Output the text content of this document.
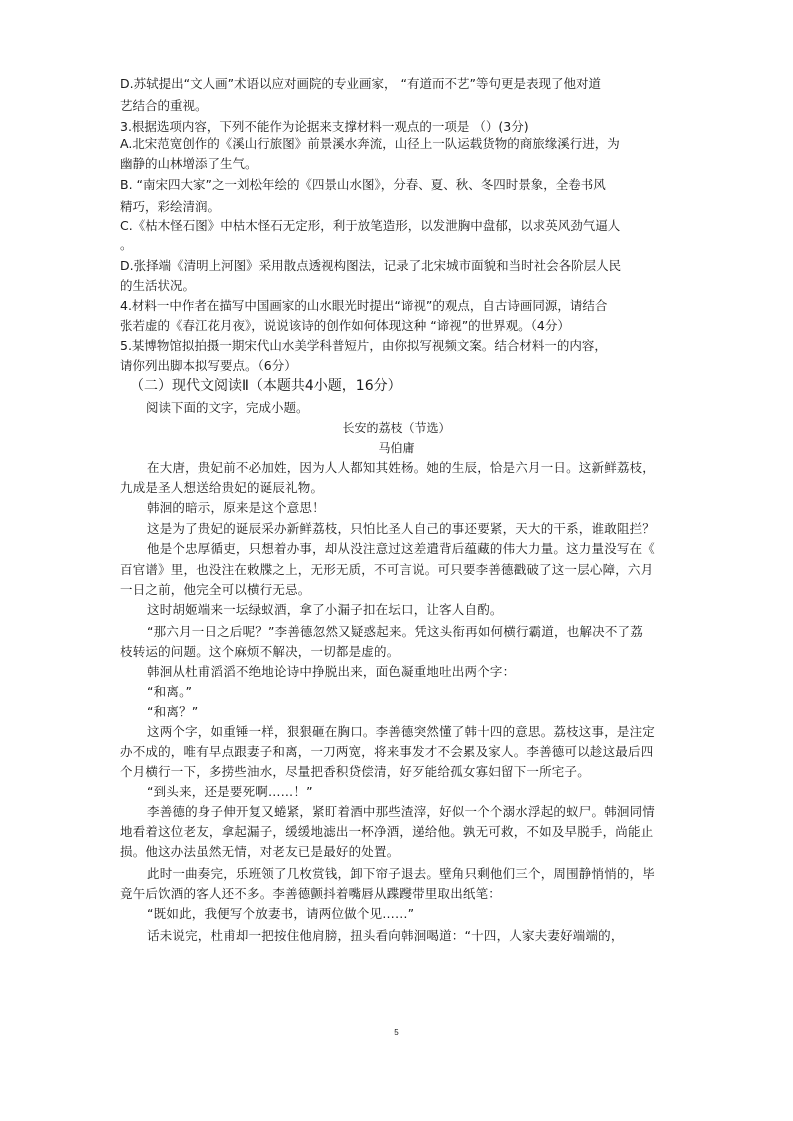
D.苏轼提出“文人画”术语以应对画院的专业画家， “有道而不艺”等句更是表现了他对道
艺结合的重视。
3.根据选项内容，下列不能作为论据来支撑材料一观点的一项是 （）(3分)
A.北宋范宽创作的《溪山行旅图》前景溪水奔流，山径上一队运载货物的商旅缘溪行进，为
幽静的山林增添了生气。
B. “南宋四大家”之一刘松年绘的《四景山水图》，分春、夏、秋、冬四时景象，全卷书风
精巧，彩绘清润。
C.《枯木怪石图》中枯木怪石无定形，利于放笔造形，以发泄胸中盘郁，以求英风劲气逼人
。
D.张择端《清明上河图》采用散点透视构图法，记录了北宋城市面貌和当时社会各阶层人民
的生活状况。
4.材料一中作者在描写中国画家的山水眼光时提出“谛视”的观点，自古诗画同源，请结合
张若虚的《春江花月夜》，说说该诗的创作如何体现这种 “谛视”的世界观。（4分）
5.某博物馆拟拍摄一期宋代山水美学科普短片，由你拟写视频文案。结合材料一的内容，
请你列出脚本拟写要点。（6分）
（二）现代文阅读Ⅱ（本题共4小题，16分）
阅读下面的文字，完成小题。
长安的荔枝（节选）
马伯庸
在大唐，贵妃前不必加姓，因为人人都知其姓杨。她的生辰，恰是六月一日。这新鲜荔枝，
九成是圣人想送给贵妃的诞辰礼物。
韩洄的暗示，原来是这个意思！
这是为了贵妃的诞辰采办新鲜荔枝，只怕比圣人自己的事还要紧，天大的干系，谁敢阻拦？
他是个忠厚循吏，只想着办事，却从没注意过这差遣背后蕴藏的伟大力量。这力量没写在《
百官谱》里，也没注在敕牒之上，无形无质，不可言说。可只要李善德戳破了这一层心障，六月
一日之前，他完全可以横行无忌。
这时胡姬端来一坛绿蚁酒，拿了小漏子扣在坛口，让客人自酌。
“那六月一日之后呢？”李善德忽然又疑惑起来。凭这头衔再如何横行霸道，也解决不了荔
枝转运的问题。这个麻烦不解决，一切都是虚的。
韩洄从杜甫滔滔不绝地论诗中挣脱出来，面色凝重地吐出两个字：
“和离。”
“和离？”
这两个字，如重锤一样，狠狠砸在胸口。李善德突然懂了韩十四的意思。荔枝这事，是注定
办不成的，唯有早点跟妻子和离，一刀两宽，将来事发才不会累及家人。李善德可以趁这最后四
个月横行一下，多捞些油水，尽量把香积贷偿清，好歹能给孤女寡妇留下一所宅子。
“到头来，还是要死啊……！”
李善德的身子伸开复又蜷紧，紧盯着酒中那些渣滓，好似一个个溺水浮起的蚁尸。韩洄同情
地看着这位老友，拿起漏子，缓缓地滤出一杯净酒，递给他。孰无可救，不如及早脱手，尚能止
损。他这办法虽然无情，对老友已是最好的处置。
此时一曲奏完，乐班领了几枚赏钱，卸下帘子退去。壁角只剩他们三个，周围静悄悄的，毕
竟午后饮酒的客人还不多。李善德颤抖着嘴唇从蹀躞带里取出纸笔：
“既如此，我便写个放妻书，请两位做个见……”
话未说完，杜甫却一把按住他肩膀，扭头看向韩洄喝道：“十四，人家夫妻好端端的，
5
